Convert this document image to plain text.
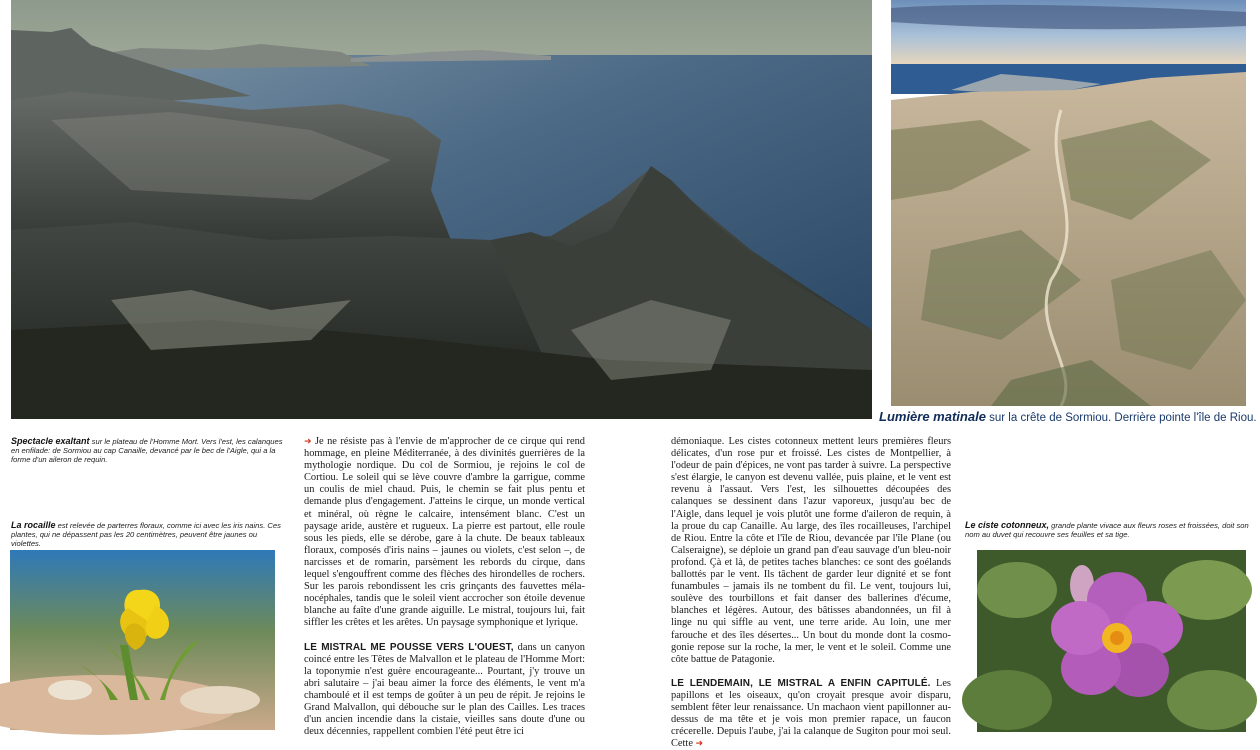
Spectacle exaltant sur le plateau de l'Homme Mort. Vers l'est, les calanques en enfilade: de Sormiou au cap Canaille, devancé par le bec de l'Aigle, qui a la forme d'un aileron de requin.
La rocaille est relevée de parterres floraux, comme ici avec les iris nains. Ces plantes, qui ne dépassent pas les 20 centimètres, peuvent être jaunes ou violettes.
Lumière matinale sur la crête de Sormiou. Derrière pointe l'île de Riou.
Le ciste cotonneux, grande plante vivace aux fleurs roses et froissées, doit son nom au duvet qui recouvre ses feuilles et sa tige.

➜ Je ne résiste pas à l'envie de m'approcher de ce cirque qui rend hommage, en pleine Méditerranée, à des divinités guerrières de la mythologie nordique. Du col de Sormiou, je rejoins le col de Cortiou. Le soleil qui se lève couvre d'ambre la garrigue, comme un coulis de miel chaud. Puis, le chemin se fait plus pentu et demande plus d'engagement. J'atteins le cirque, un monde vertical et minéral, où règne le calcaire, intensément blanc. C'est un paysage aride, austère et rugueux. La pierre est partout, elle roule sous les pieds, elle se dérobe, gare à la chute. De beaux tableaux floraux, composés d'iris nains – jaunes ou violets, c'est selon –, de narcisses et de romarin, parsèment les rebords du cirque, dans lequel s'engouffrent comme des flèches des hirondelles de rochers. Sur les parois rebondissent les cris grinçants des fauvettes mélanocéphales, tandis que le soleil vient accrocher son étoile devenue blanche au faîte d'une grande aiguille. Le mistral, toujours lui, fait siffler les crêtes et les arêtes. Un paysage symphonique et lyrique.

LE MISTRAL ME POUSSE VERS L'OUEST, dans un canyon coincé entre les Têtes de Malvallon et le plateau de l'Homme Mort: la toponymie n'est guère encourageante... Pourtant, j'y trouve un abri salutaire – j'ai beau aimer la force des éléments, le vent m'a chamboulé et il est temps de goûter à un peu de répit. Je rejoins le Grand Malvallon, qui débouche sur le plan des Cailles. Les traces d'un ancien incendie dans la cistaie, vieilles sans doute d'une ou deux décennies, rappellent combien l'été peut être ici

démoniaque. Les cistes cotonneux mettent leurs premières fleurs délicates, d'un rose pur et froissé. Les cistes de Montpellier, à l'odeur de pain d'épices, ne vont pas tarder à suivre. La perspective s'est élargie, le canyon est devenu vallée, puis plaine, et le vent est revenu à l'assaut. Vers l'est, les silhouettes découpées des calanques se dessinent dans l'azur vaporeux, jusqu'au bec de l'Aigle, dans lequel je vois plutôt une forme d'aileron de requin, à la proue du cap Canaille. Au large, des îles rocailleuses, l'archipel de Riou. Entre la côte et l'île de Riou, devancée par l'île Plane (ou Calseraigne), se déploie un grand pan d'eau sauvage d'un bleu-noir profond. Çà et là, de petites taches blanches: ce sont des goélands ballottés par le vent. Ils tâchent de garder leur dignité et se font funambules – jamais ils ne tombent du fil. Le vent, toujours lui, soulève des tourbillons et fait danser des ballerines d'écume, blanches et légères. Autour, des bâtisses abandonnées, un fil à linge nu qui siffle au vent, une terre aride. Au loin, une mer farouche et des îles désertes... Un bout du monde dont la cosmogonie repose sur la roche, la mer, le vent et le soleil. Comme une côte battue de Patagonie.

LE LENDEMAIN, LE MISTRAL A ENFIN CAPITULÉ. Les papillons et les oiseaux, qu'on croyait presque avoir disparu, semblent fêter leur renaissance. Un machaon vient papillonner au-dessus de ma tête et je vois mon premier rapace, un faucon crécerelle. Depuis l'aube, j'ai la calanque de Sugiton pour moi seul. Cette ➜
